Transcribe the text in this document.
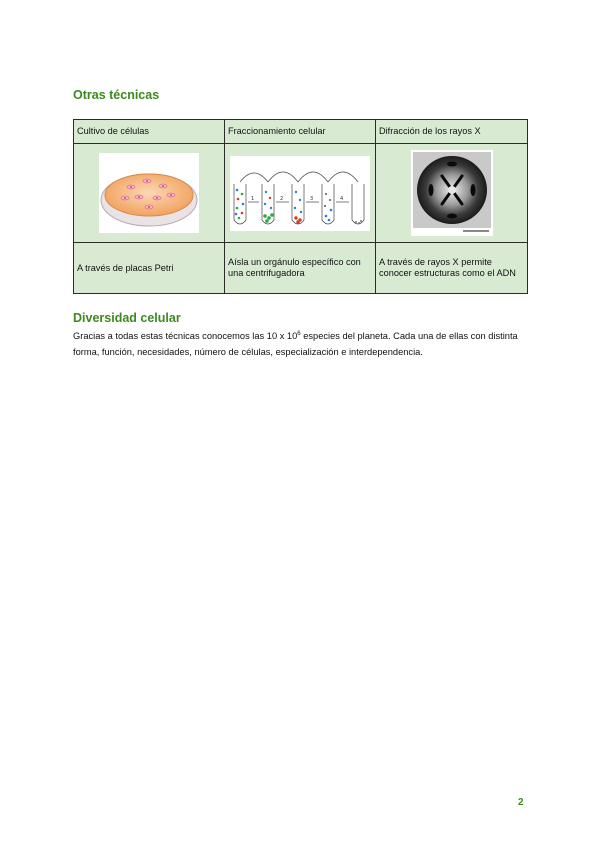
Otras técnicas
Cultivo de células	Fraccionamiento celular	Difracción de los rayos X

1 2 3 4

A través de placas Petri	Aísla un orgánulo específico con una centrifugadora	A través de rayos X permite conocer estructuras como el ADN
Diversidad celular
Gracias a todas estas técnicas conocemos las 10 x $10^6$ especies del planeta. Cada una de ellas con distinta forma, función, necesidades, número de células, especialización e interdependencia.
2
